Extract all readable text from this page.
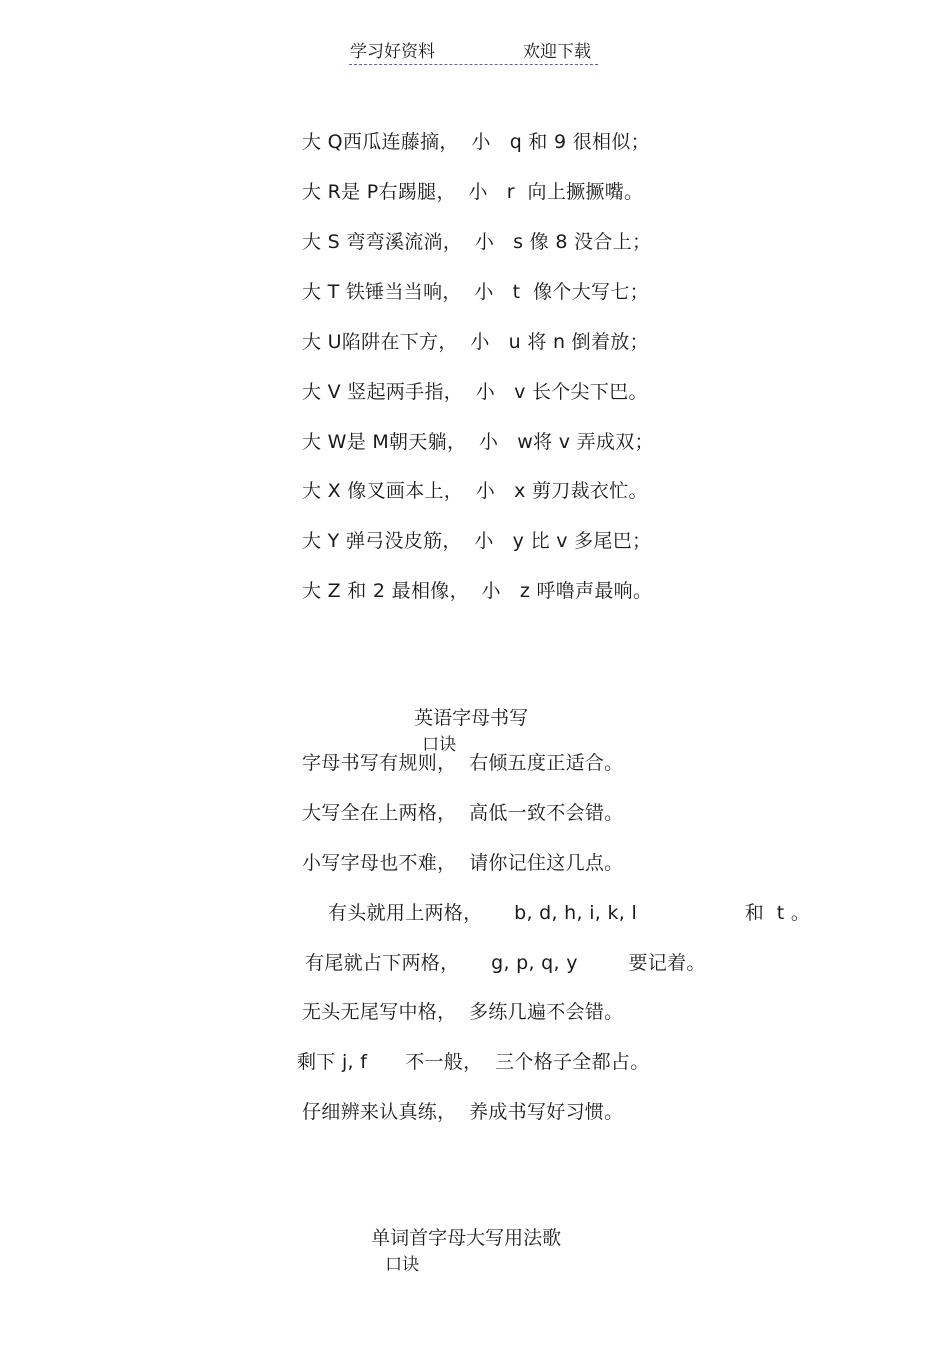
学习好资料	欢迎下载
大 Q西瓜连藤摘，  小   q 和 9 很相似；
大 R是 P右踢腿，  小   r  向上撅撅嘴。
大 S 弯弯溪流淌，  小   s 像 8 没合上；
大 T 铁锤当当响，  小   t  像个大写七；
大 U陷阱在下方，  小   u 将 n 倒着放；
大 V 竖起两手指，  小   v 长个尖下巴。
大 W是 M朝天躺，  小   w将 v 弄成双；
大 X 像叉画本上，  小   x 剪刀裁衣忙。
大 Y 弹弓没皮筋，  小   y 比 v 多尾巴；
大 Z 和 2 最相像，  小   z 呼噜声最响。

英语字母书写
口诀

字母书写有规则，  右倾五度正适合。
大写全在上两格，  高低一致不会错。
小写字母也不难，  请你记住这几点。
有头就用上两格，     b, d, h, i, k, l                 和  t 。
有尾就占下两格，     g, p, q, y        要记着。
无头无尾写中格，  多练几遍不会错。
剩下 j, f      不一般，  三个格子全都占。
仔细辨来认真练，  养成书写好习惯。

单词首字母大写用法歌
口诀
